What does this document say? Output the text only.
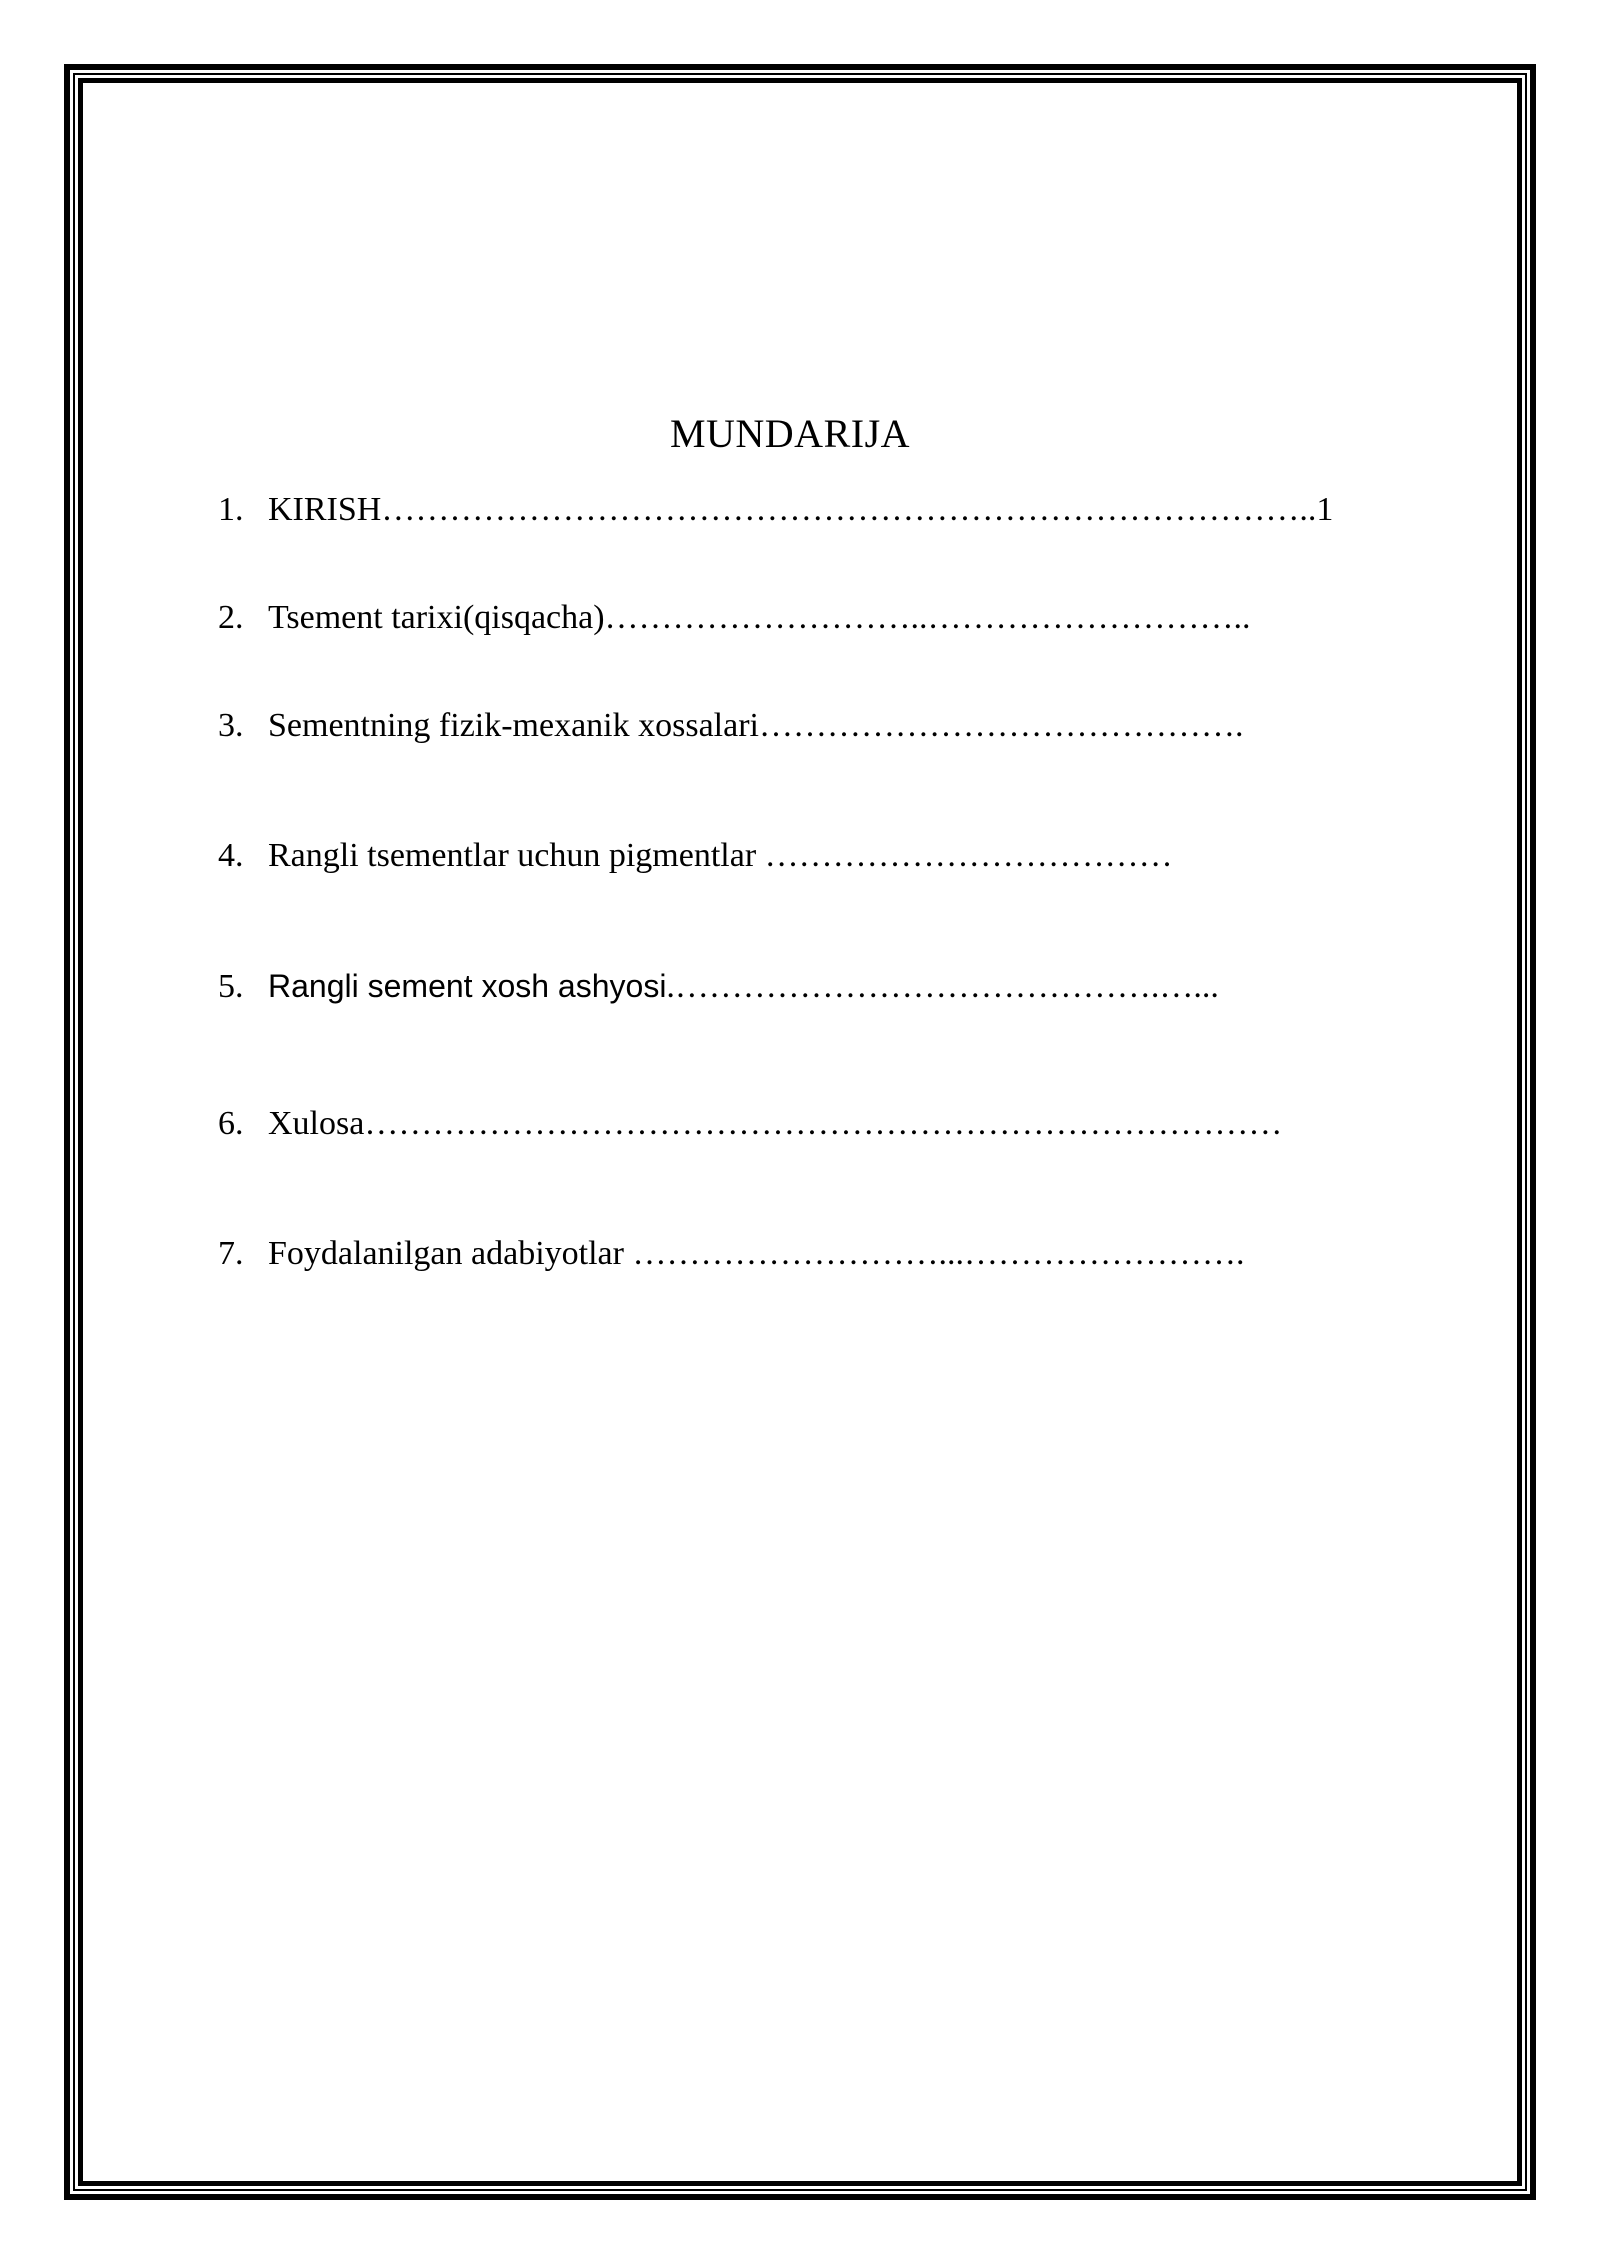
MUNDARIJA
1. KIRISH………………………………………………………………………..1
2. Tsement tarixi(qisqacha)………………………..………………………..
3. Sementning fizik-mexanik xossalari…………………………………….
4. Rangli tsementlar uchun pigmentlar ………………………………
5. Rangli sement xosh ashyosi.…………………………………….…...
6. Xulosa………………………………………………………………………
7. Foydalanilgan adabiyotlar ………………………...…………………….
